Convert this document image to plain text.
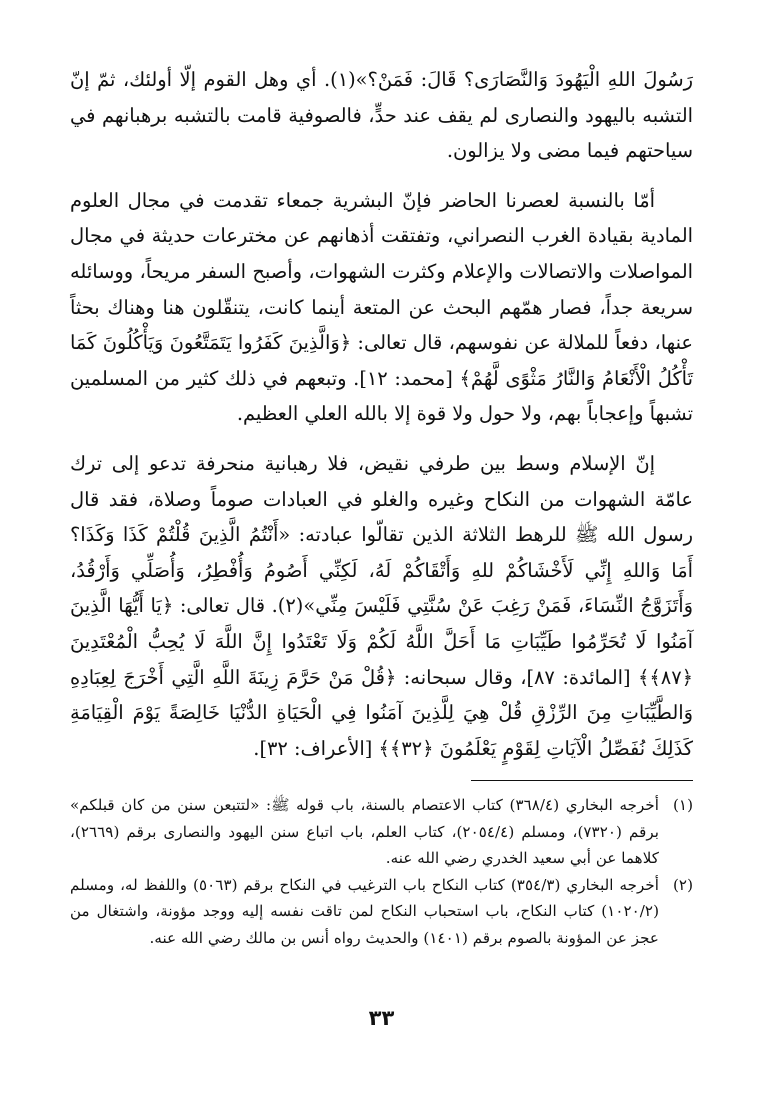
رَسُولَ اللهِ الْيَهُودَ وَالنَّصَارَى؟ قَالَ: فَمَنْ؟»(١). أي وهل القوم إلّا أولئك، ثمّ إنّ التشبه باليهود والنصارى لم يقف عند حدٍّ، فالصوفية قامت بالتشبه برهبانهم في سياحتهم فيما مضى ولا يزالون.

أمّا بالنسبة لعصرنا الحاضر فإنّ البشرية جمعاء تقدمت في مجال العلوم المادية بقيادة الغرب النصراني، وتفتقت أذهانهم عن مخترعات حديثة في مجال المواصلات والاتصالات والإعلام وكثرت الشهوات، وأصبح السفر مريحاً، ووسائله سريعة جداً، فصار همّهم البحث عن المتعة أينما كانت، يتنقّلون هنا وهناك بحثاً عنها، دفعاً للملالة عن نفوسهم، قال تعالى: ﴿وَالَّذِينَ كَفَرُوا يَتَمَتَّعُونَ وَيَأْكُلُونَ كَمَا تَأْكُلُ الْأَنْعَامُ وَالنَّارُ مَثْوًى لَّهُمْ﴾ [محمد: ١٢]. وتبعهم في ذلك كثير من المسلمين تشبهاً وإعجاباً بهم، ولا حول ولا قوة إلا بالله العلي العظيم.

إنّ الإسلام وسط بين طرفي نقيض، فلا رهبانية منحرفة تدعو إلى ترك عامّة الشهوات من النكاح وغيره والغلو في العبادات صوماً وصلاة، فقد قال رسول الله ﷺ للرهط الثلاثة الذين تقالّوا عبادته: «أَنْتُمُ الَّذِينَ قُلْتُمْ كَذَا وَكَذَا؟ أَمَا وَاللهِ إِنِّي لَأَخْشَاكُمْ للهِ وَأَتْقَاكُمْ لَهُ، لَكِنِّي أَصُومُ وَأُفْطِرُ، وَأُصَلِّي وَأَرْقُدُ، وَأَتَزَوَّجُ النِّسَاءَ، فَمَنْ رَغِبَ عَنْ سُنَّتِي فَلَيْسَ مِنِّي»(٢). قال تعالى: ﴿يَا أَيُّهَا الَّذِينَ آمَنُوا لَا تُحَرِّمُوا طَيِّبَاتِ مَا أَحَلَّ اللَّهُ لَكُمْ وَلَا تَعْتَدُوا إِنَّ اللَّهَ لَا يُحِبُّ الْمُعْتَدِينَ ﴿٨٧﴾﴾ [المائدة: ٨٧]، وقال سبحانه: ﴿قُلْ مَنْ حَرَّمَ زِينَةَ اللَّهِ الَّتِي أَخْرَجَ لِعِبَادِهِ وَالطَّيِّبَاتِ مِنَ الرِّزْقِ قُلْ هِيَ لِلَّذِينَ آمَنُوا فِي الْحَيَاةِ الدُّنْيَا خَالِصَةً يَوْمَ الْقِيَامَةِ كَذَلِكَ نُفَصِّلُ الْآيَاتِ لِقَوْمٍ يَعْلَمُونَ ﴿٣٢﴾﴾ [الأعراف: ٣٢].

(١)
أخرجه البخاري (٣٦٨/٤) كتاب الاعتصام بالسنة، باب قوله ﷺ: «لتتبعن سنن من كان قبلكم» برقم (٧٣٢٠)، ومسلم (٢٠٥٤/٤)، كتاب العلم، باب اتباع سنن اليهود والنصارى برقم (٢٦٦٩)، كلاهما عن أبي سعيد الخدري رضي الله عنه.

(٢)
أخرجه البخاري (٣٥٤/٣) كتاب النكاح باب الترغيب في النكاح برقم (٥٠٦٣) واللفظ له، ومسلم (١٠٢٠/٢) كتاب النكاح، باب استحباب النكاح لمن تاقت نفسه إليه ووجد مؤونة، واشتغال من عجز عن المؤونة بالصوم برقم (١٤٠١) والحديث رواه أنس بن مالك رضي الله عنه.

٣٣
